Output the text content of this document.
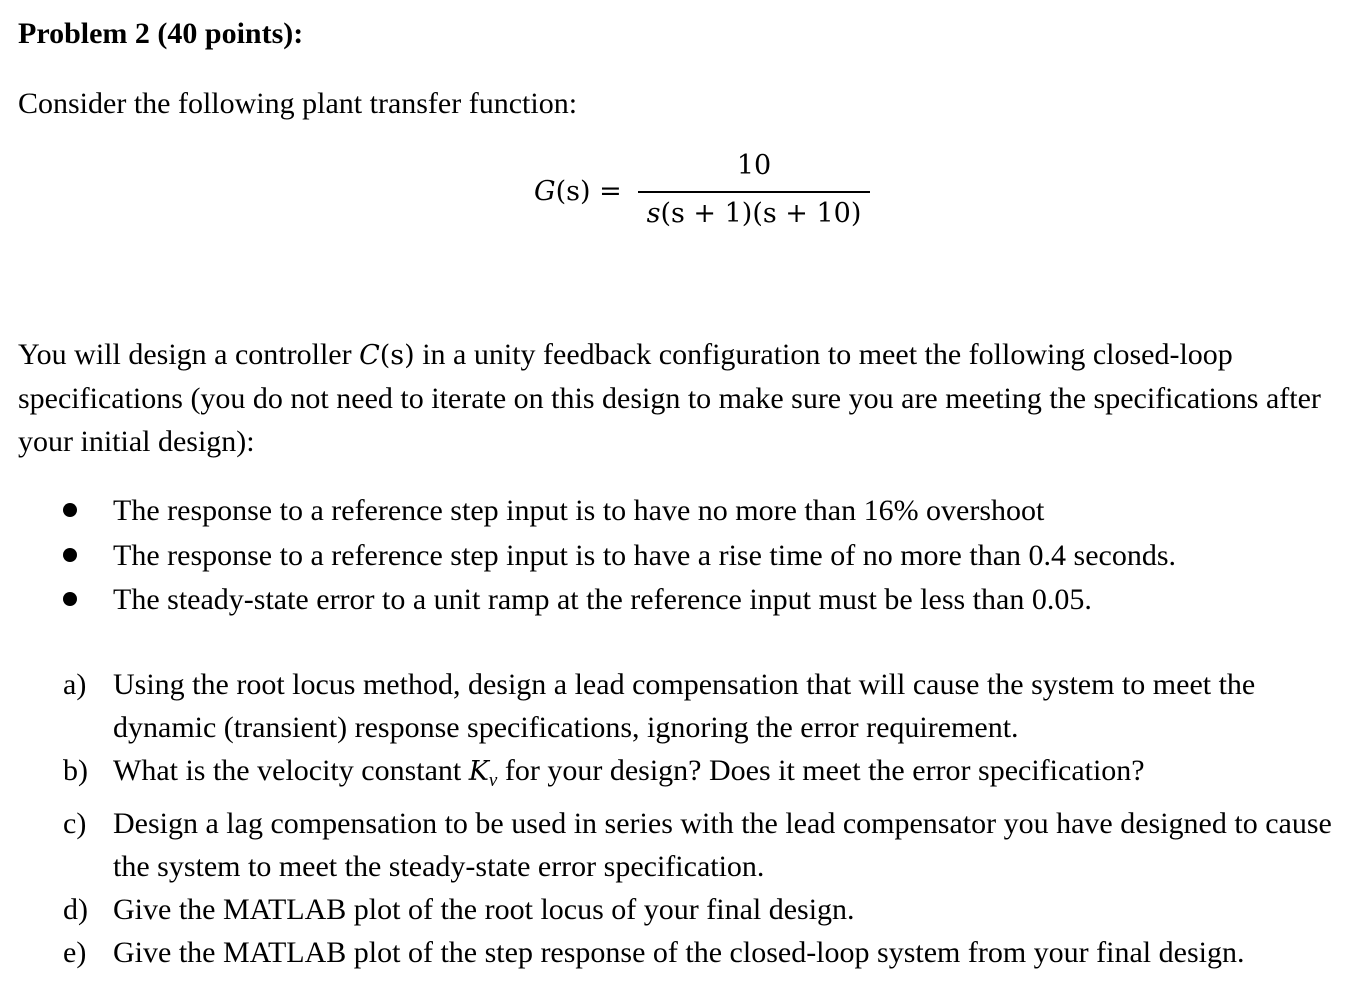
Problem 2 (40 points):
Consider the following plant transfer function:
G(s) =
10
s(s + 1)(s + 10)
You will design a controller C(s) in a unity feedback configuration to meet the following closed-loop specifications (you do not need to iterate on this design to make sure you are meeting the specifications after your initial design):
The response to a reference step input is to have no more than 16% overshoot
The response to a reference step input is to have a rise time of no more than 0.4 seconds.
The steady-state error to a unit ramp at the reference input must be less than 0.05.
a) Using the root locus method, design a lead compensation that will cause the system to meet the dynamic (transient) response specifications, ignoring the error requirement.
b) What is the velocity constant $K_v$ for your design? Does it meet the error specification?
c) Design a lag compensation to be used in series with the lead compensator you have designed to cause the system to meet the steady-state error specification.
d) Give the MATLAB plot of the root locus of your final design.
e) Give the MATLAB plot of the step response of the closed-loop system from your final design.
